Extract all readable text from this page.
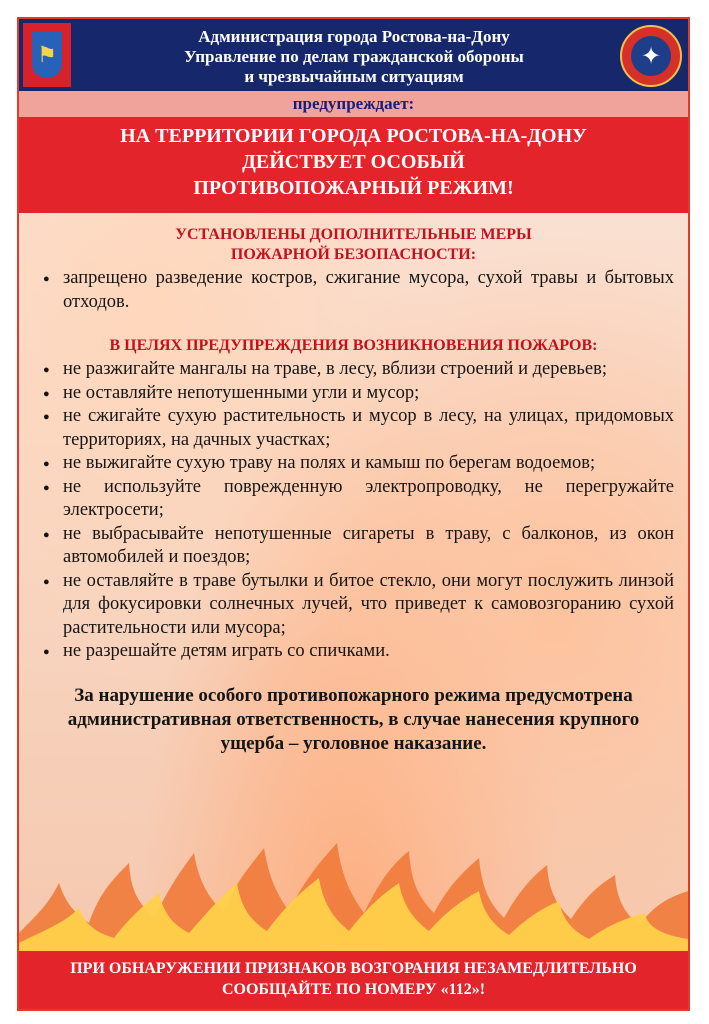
⚑
Администрация города Ростова-на-Дону
Управление по делам гражданской обороны
и чрезвычайным ситуациям
✦
предупреждает:
НА ТЕРРИТОРИИ ГОРОДА РОСТОВА-НА-ДОНУ
ДЕЙСТВУЕТ ОСОБЫЙ
ПРОТИВОПОЖАРНЫЙ РЕЖИМ!
УСТАНОВЛЕНЫ ДОПОЛНИТЕЛЬНЫЕ МЕРЫ
ПОЖАРНОЙ БЕЗОПАСНОСТИ:
● запрещено разведение костров, сжигание мусора, сухой травы и бытовых отходов.
В ЦЕЛЯХ ПРЕДУПРЕЖДЕНИЯ ВОЗНИКНОВЕНИЯ ПОЖАРОВ:
● не разжигайте мангалы на траве, в лесу, вблизи строений и деревьев;
● не оставляйте непотушенными угли и мусор;
● не сжигайте сухую растительность и мусор в лесу, на улицах, придомовых территориях, на дачных участках;
● не выжигайте сухую траву на полях и камыш по берегам водоемов;
● не используйте поврежденную электропроводку, не перегружайте электросети;
● не выбрасывайте непотушенные сигареты в траву, с балконов, из окон автомобилей и поездов;
● не оставляйте в траве бутылки и битое стекло, они могут послужить линзой для фокусировки солнечных лучей, что приведет к самовозгоранию сухой растительности или мусора;
● не разрешайте детям играть со спичками.
За нарушение особого противопожарного режима предусмотрена административная ответственность, в случае нанесения крупного ущерба – уголовное наказание.
ПРИ ОБНАРУЖЕНИИ ПРИЗНАКОВ ВОЗГОРАНИЯ НЕЗАМЕДЛИТЕЛЬНО
СООБЩАЙТЕ ПО НОМЕРУ «112»!
